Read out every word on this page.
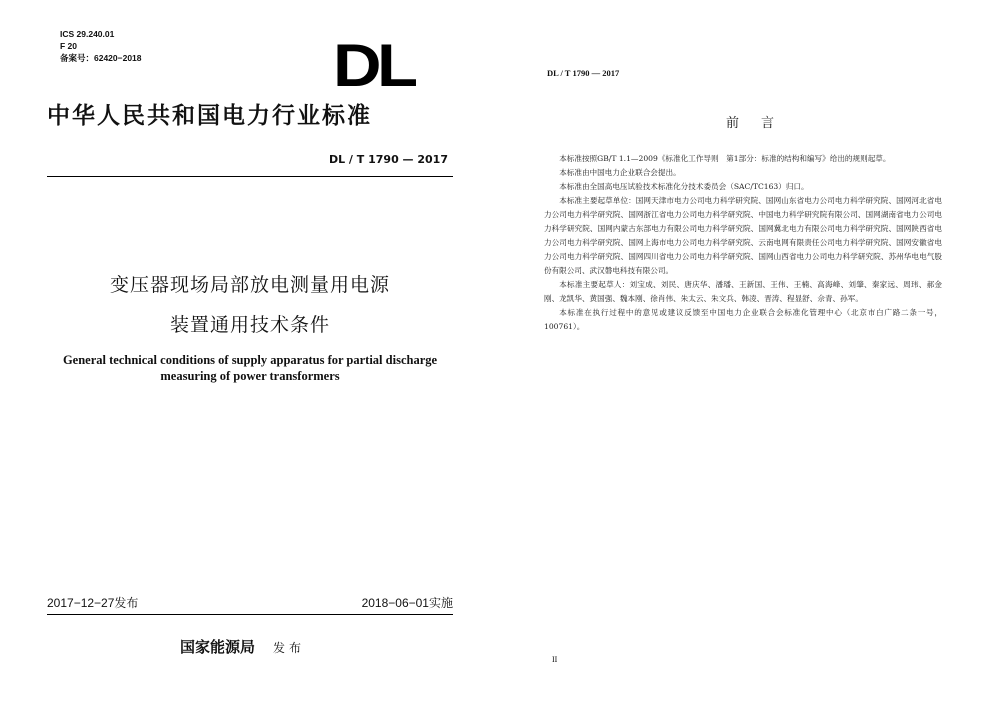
ICS 29.240.01
F 20
备案号：62420−2018	DL
中华人民共和国电力行业标准
DL / T 1790 — 2017
变压器现场局部放电测量用电源
装置通用技术条件
General technical conditions of supply apparatus for partial discharge
measuring of power transformers
2017−12−27发布	2018−06−01实施
国家能源局 发布
DL / T 1790 — 2017
前言

本标准按照GB/T 1.1—2009《标准化工作导则　第1部分：标准的结构和编写》给出的规则起草。

本标准由中国电力企业联合会提出。

本标准由全国高电压试验技术标准化分技术委员会（SAC/TC163）归口。

本标准主要起草单位：国网天津市电力公司电力科学研究院、国网山东省电力公司电力科学研究院、国网河北省电力公司电力科学研究院、国网浙江省电力公司电力科学研究院、中国电力科学研究院有限公司、国网湖南省电力公司电力科学研究院、国网内蒙古东部电力有限公司电力科学研究院、国网冀北电力有限公司电力科学研究院、国网陕西省电力公司电力科学研究院、国网上海市电力公司电力科学研究院、云南电网有限责任公司电力科学研究院、国网安徽省电力公司电力科学研究院、国网四川省电力公司电力科学研究院、国网山西省电力公司电力科学研究院、苏州华电电气股份有限公司、武汉磐电科技有限公司。

本标准主要起草人：刘宝成、刘民、唐庆华、潘璠、王新国、王伟、王楠、高海峰、刘肇、秦家远、周玮、郝金刚、龙凯华、黄国强、魏本刚、徐肖伟、朱太云、朱文兵、韩凌、晋涛、程显舒、佘青、孙军。

本标准在执行过程中的意见或建议反馈至中国电力企业联合会标准化管理中心（北京市白广路二条一号，100761）。

II
